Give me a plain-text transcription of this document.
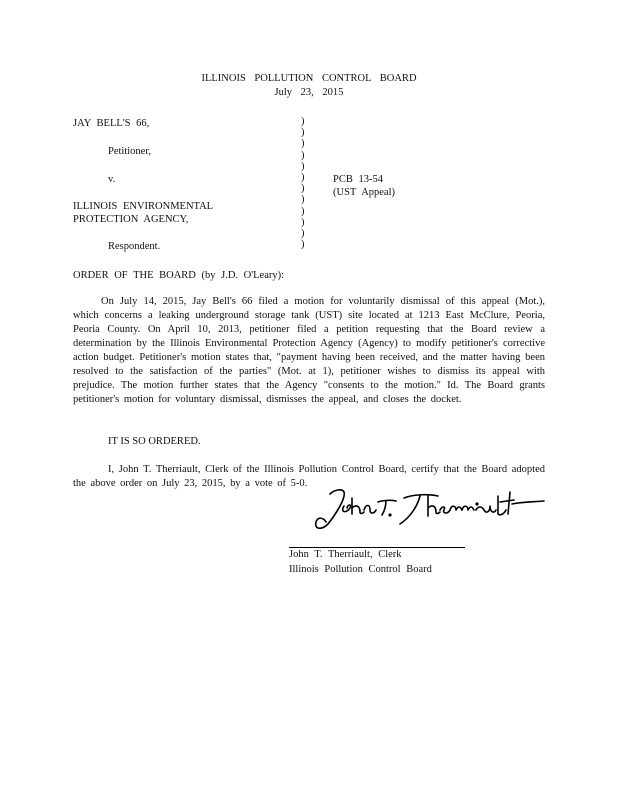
ILLINOIS POLLUTION CONTROL BOARD
July 23, 2015
JAY BELL'S 66,
Petitioner,
v.
ILLINOIS ENVIRONMENTAL
PROTECTION AGENCY,
Respondent.
)
)
)
)
)
)
)
)
)
)
)
)
PCB 13-54
(UST Appeal)
ORDER OF THE BOARD (by J.D. O'Leary):
On July 14, 2015, Jay Bell's 66 filed a motion for voluntarily dismissal of this appeal (Mot.), which concerns a leaking underground storage tank (UST) site located at 1213 East McClure, Peoria, Peoria County. On April 10, 2013, petitioner filed a petition requesting that the Board review a determination by the Illinois Environmental Protection Agency (Agency) to modify petitioner's corrective action budget. Petitioner's motion states that, "payment having been received, and the matter having been resolved to the satisfaction of the parties" (Mot. at 1), petitioner wishes to dismiss its appeal with prejudice. The motion further states that the Agency "consents to the motion." Id. The Board grants petitioner's motion for voluntary dismissal, dismisses the appeal, and closes the docket.
IT IS SO ORDERED.
I, John T. Therriault, Clerk of the Illinois Pollution Control Board, certify that the Board adopted the above order on July 23, 2015, by a vote of 5-0.
John T. Therriault, Clerk
Illinois Pollution Control Board
